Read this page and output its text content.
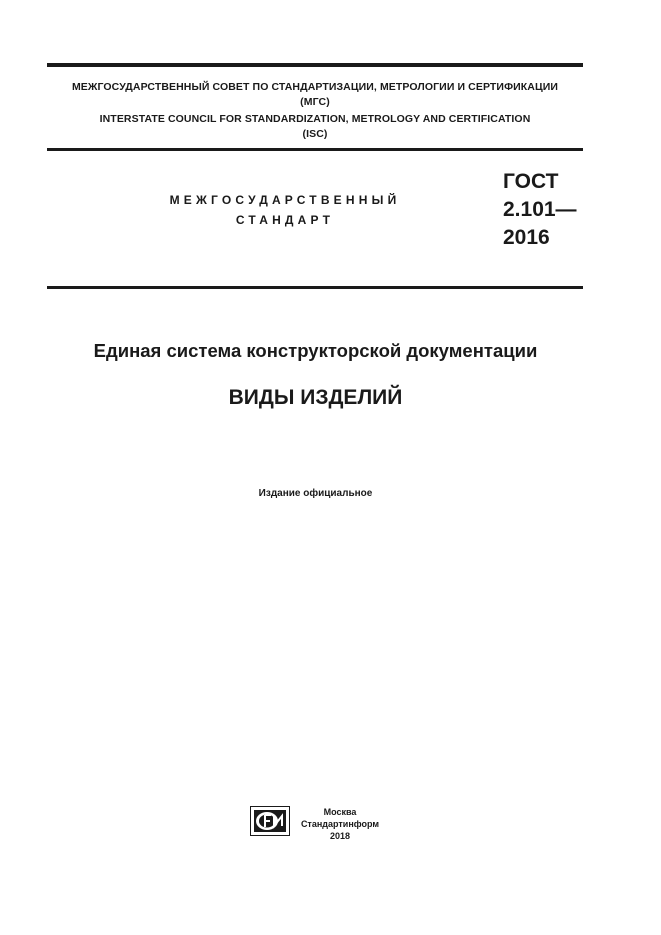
МЕЖГОСУДАРСТВЕННЫЙ СОВЕТ ПО СТАНДАРТИЗАЦИИ, МЕТРОЛОГИИ И СЕРТИФИКАЦИИ
(МГС)
INTERSTATE COUNCIL FOR STANDARDIZATION, METROLOGY AND CERTIFICATION
(ISC)
МЕЖГОСУДАРСТВЕННЫЙ
СТАНДАРТ
ГОСТ
2.101—
2016
Единая система конструкторской документации
ВИДЫ ИЗДЕЛИЙ
Издание официальное
Москва
Стандартинформ
2018
